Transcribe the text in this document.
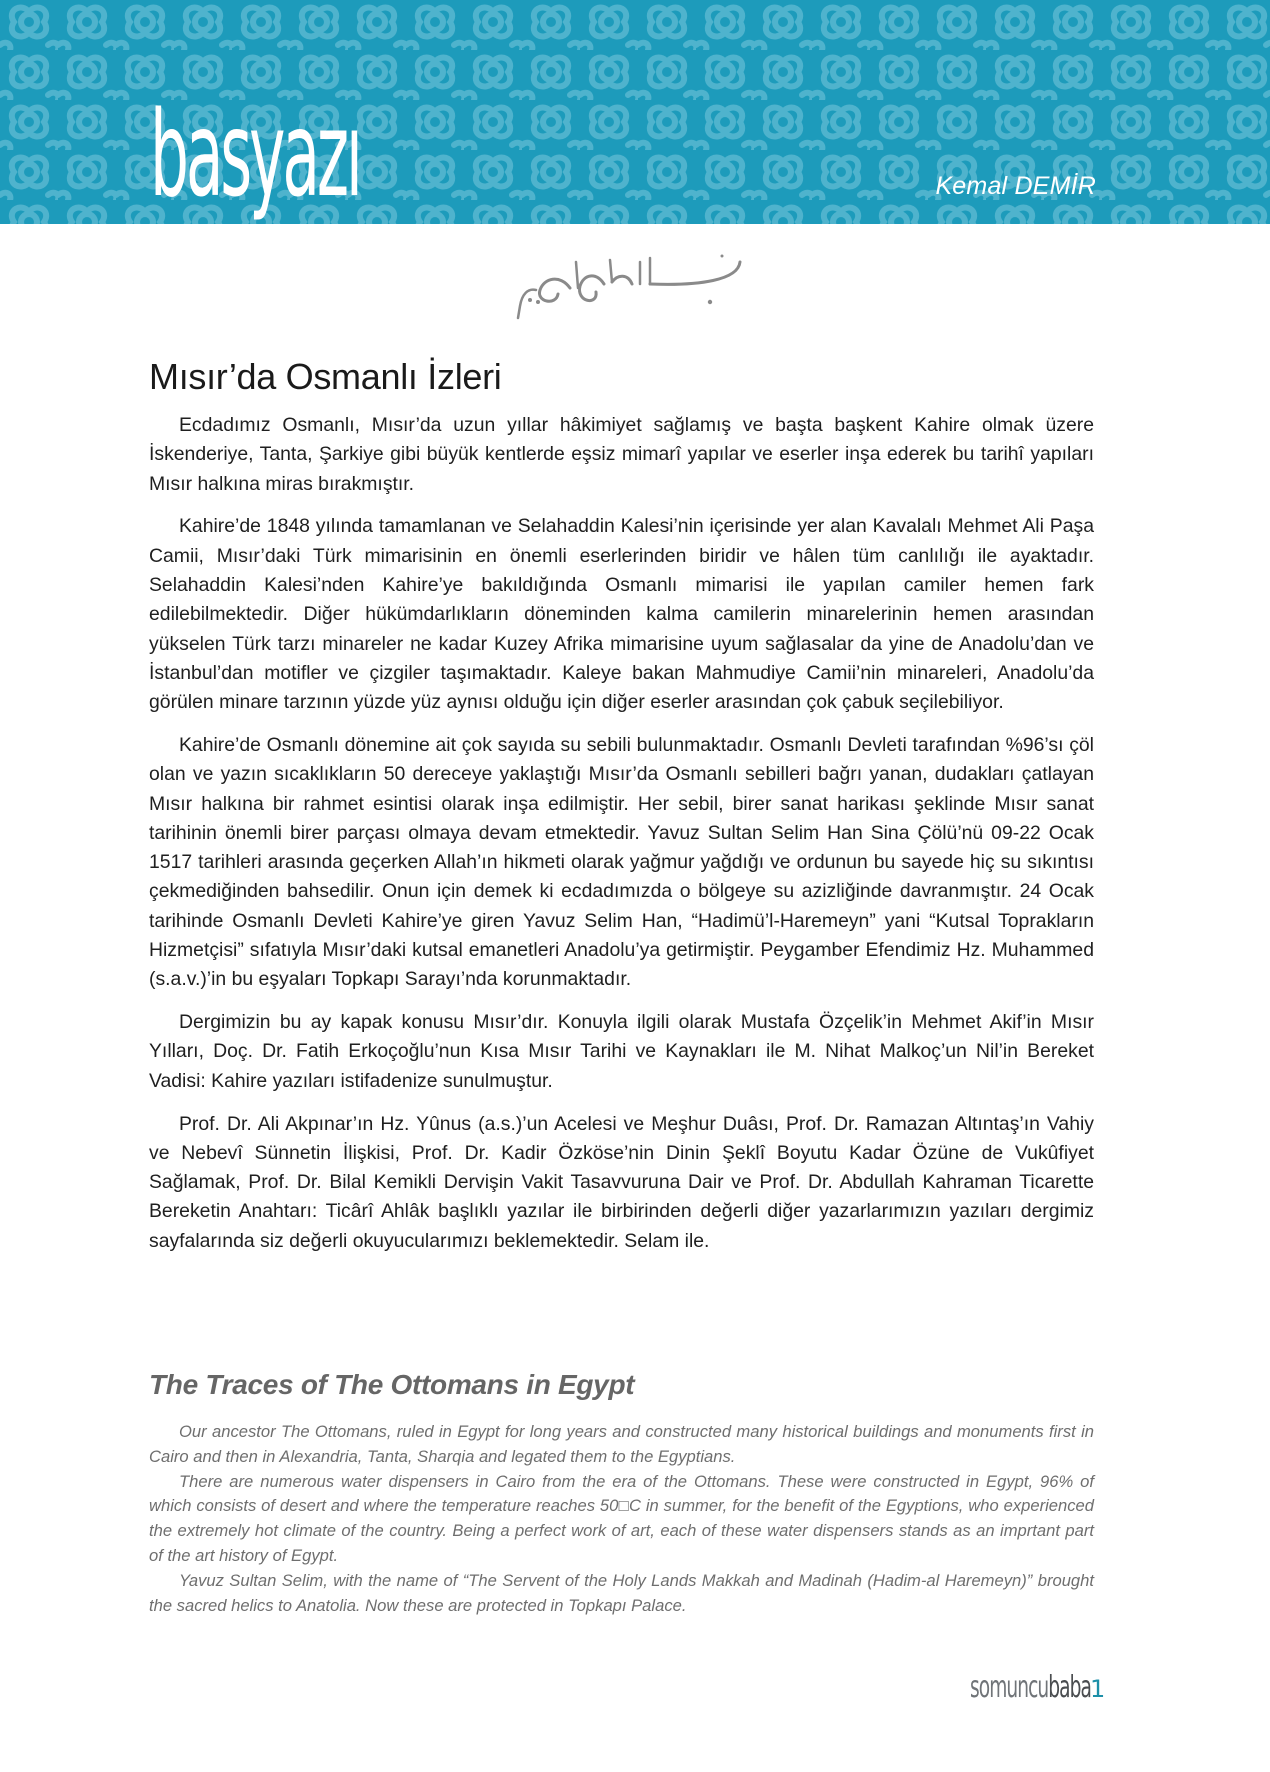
basyazı	Kemal DEMİR
Mısır’da Osmanlı İzleri

Ecdadımız Osmanlı, Mısır’da uzun yıllar hâkimiyet sağlamış ve başta başkent Kahire olmak üzere İskenderiye, Tanta, Şarkiye gibi büyük kentlerde eşsiz mimarî yapılar ve eserler inşa ederek bu tarihî yapıları Mısır halkına miras bırakmıştır.

Kahire’de 1848 yılında tamamlanan ve Selahaddin Kalesi’nin içerisinde yer alan Kavalalı Mehmet Ali Paşa Camii, Mısır’daki Türk mimarisinin en önemli eserlerinden biridir ve hâlen tüm canlılığı ile ayaktadır. Selahaddin Kalesi’nden Kahire’ye bakıldığında Osmanlı mimarisi ile yapılan camiler hemen fark edilebilmektedir. Diğer hükümdarlıkların döneminden kalma camilerin minarelerinin hemen arasından yükselen Türk tarzı minareler ne kadar Kuzey Afrika mimarisine uyum sağlasalar da yine de Anadolu’dan ve İstanbul’dan motifler ve çizgiler taşımaktadır. Kaleye bakan Mahmudiye Camii’nin minareleri, Anadolu’da görülen minare tarzının yüzde yüz aynısı olduğu için diğer eserler arasından çok çabuk seçilebiliyor.

Kahire’de Osmanlı dönemine ait çok sayıda su sebili bulunmaktadır. Osmanlı Devleti tarafından %96’sı çöl olan ve yazın sıcaklıkların 50 dereceye yaklaştığı Mısır’da Osmanlı sebilleri bağrı yanan, dudakları çatlayan Mısır halkına bir rahmet esintisi olarak inşa edilmiştir. Her sebil, birer sanat harikası şeklinde Mısır sanat tarihinin önemli birer parçası olmaya devam etmektedir. Yavuz Sultan Selim Han Sina Çölü’nü 09-22 Ocak 1517 tarihleri arasında geçerken Allah’ın hikmeti olarak yağmur yağdığı ve ordunun bu sayede hiç su sıkıntısı çekmediğinden bahsedilir. Onun için demek ki ecdadımızda o bölgeye su azizliğinde davranmıştır. 24 Ocak tarihinde Osmanlı Devleti Kahire’ye giren Yavuz Selim Han, “Hadimü’l-Haremeyn” yani “Kutsal Toprakların Hizmetçisi” sıfatıyla Mısır’daki kutsal emanetleri Anadolu’ya getirmiştir. Peygamber Efendimiz Hz. Muhammed (s.a.v.)’in bu eşyaları Topkapı Sarayı’nda korunmaktadır.

Dergimizin bu ay kapak konusu Mısır’dır. Konuyla ilgili olarak Mustafa Özçelik’in Mehmet Akif’in Mısır Yılları, Doç. Dr. Fatih Erkoçoğlu’nun Kısa Mısır Tarihi ve Kaynakları ile M. Nihat Malkoç’un Nil’in Bereket Vadisi: Kahire yazıları istifadenize sunulmuştur.

Prof. Dr. Ali Akpınar’ın Hz. Yûnus (a.s.)’un Acelesi ve Meşhur Duâsı, Prof. Dr. Ramazan Altıntaş’ın Vahiy ve Nebevî Sünnetin İlişkisi, Prof. Dr. Kadir Özköse’nin Dinin Şeklî Boyutu Kadar Özüne de Vukûfiyet Sağlamak, Prof. Dr. Bilal Kemikli Dervişin Vakit Tasavvuruna Dair ve Prof. Dr. Abdullah Kahraman Ticarette Bereketin Anahtarı: Ticârî Ahlâk başlıklı yazılar ile birbirinden değerli diğer yazarlarımızın yazıları dergimiz sayfalarında siz değerli okuyucularımızı beklemektedir. Selam ile.

The Traces of The Ottomans in Egypt

Our ancestor The Ottomans, ruled in Egypt for long years and constructed many historical buildings and monuments first in Cairo and then in Alexandria, Tanta, Sharqia and legated them to the Egyptians.

There are numerous water dispensers in Cairo from the era of the Ottomans. These were constructed in Egypt, 96% of which consists of desert and where the temperature reaches 50□C in summer, for the benefit of the Egyptions, who experienced the extremely hot climate of the country. Being a perfect work of art, each of these water dispensers stands as an imprtant part of the art history of Egypt.

Yavuz Sultan Selim, with the name of “The Servent of the Holy Lands Makkah and Madinah (Hadim-al Haremeyn)” brought the sacred helics to Anatolia. Now these are protected in Topkapı Palace.

somuncubaba 1
